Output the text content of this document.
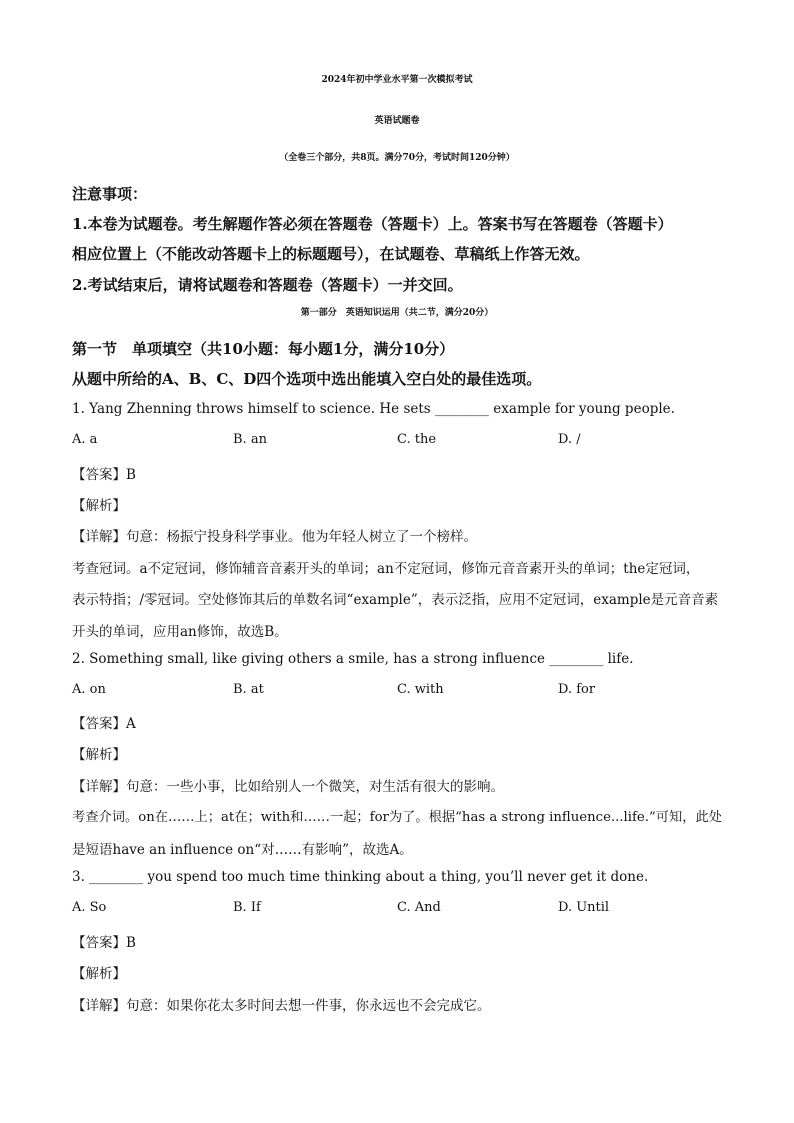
2024年初中学业水平第一次模拟考试
英语试题卷
（全卷三个部分，共8页。满分70分，考试时间120分钟）
注意事项：
1.本卷为试题卷。考生解题作答必须在答题卷（答题卡）上。答案书写在答题卷（答题卡）
相应位置上（不能改动答题卡上的标题题号），在试题卷、草稿纸上作答无效。
2.考试结束后，请将试题卷和答题卷（答题卡）一并交回。
第一部分　英语知识运用（共二节，满分20分）
第一节　单项填空（共10小题：每小题1分，满分10分）
从题中所给的A、B、C、D四个选项中选出能填入空白处的最佳选项。
1. Yang Zhenning throws himself to science. He sets ________ example for young people.
A. a	B. an	C. the	D. /
【答案】B
【解析】
【详解】句意：杨振宁投身科学事业。他为年轻人树立了一个榜样。
考查冠词。a不定冠词，修饰辅音音素开头的单词；an不定冠词，修饰元音音素开头的单词；the定冠词，
表示特指；/零冠词。空处修饰其后的单数名词“example”，表示泛指，应用不定冠词，example是元音音素
开头的单词，应用an修饰，故选B。
2. Something small, like giving others a smile, has a strong influence ________ life.
A. on	B. at	C. with	D. for
【答案】A
【解析】
【详解】句意：一些小事，比如给别人一个微笑，对生活有很大的影响。
考查介词。on在……上；at在；with和……一起；for为了。根据“has a strong influence...life.”可知，此处
是短语have an influence on“对……有影响”，故选A。
3. ________ you spend too much time thinking about a thing, you’ll never get it done.
A. So	B. If	C. And	D. Until
【答案】B
【解析】
【详解】句意：如果你花太多时间去想一件事，你永远也不会完成它。
